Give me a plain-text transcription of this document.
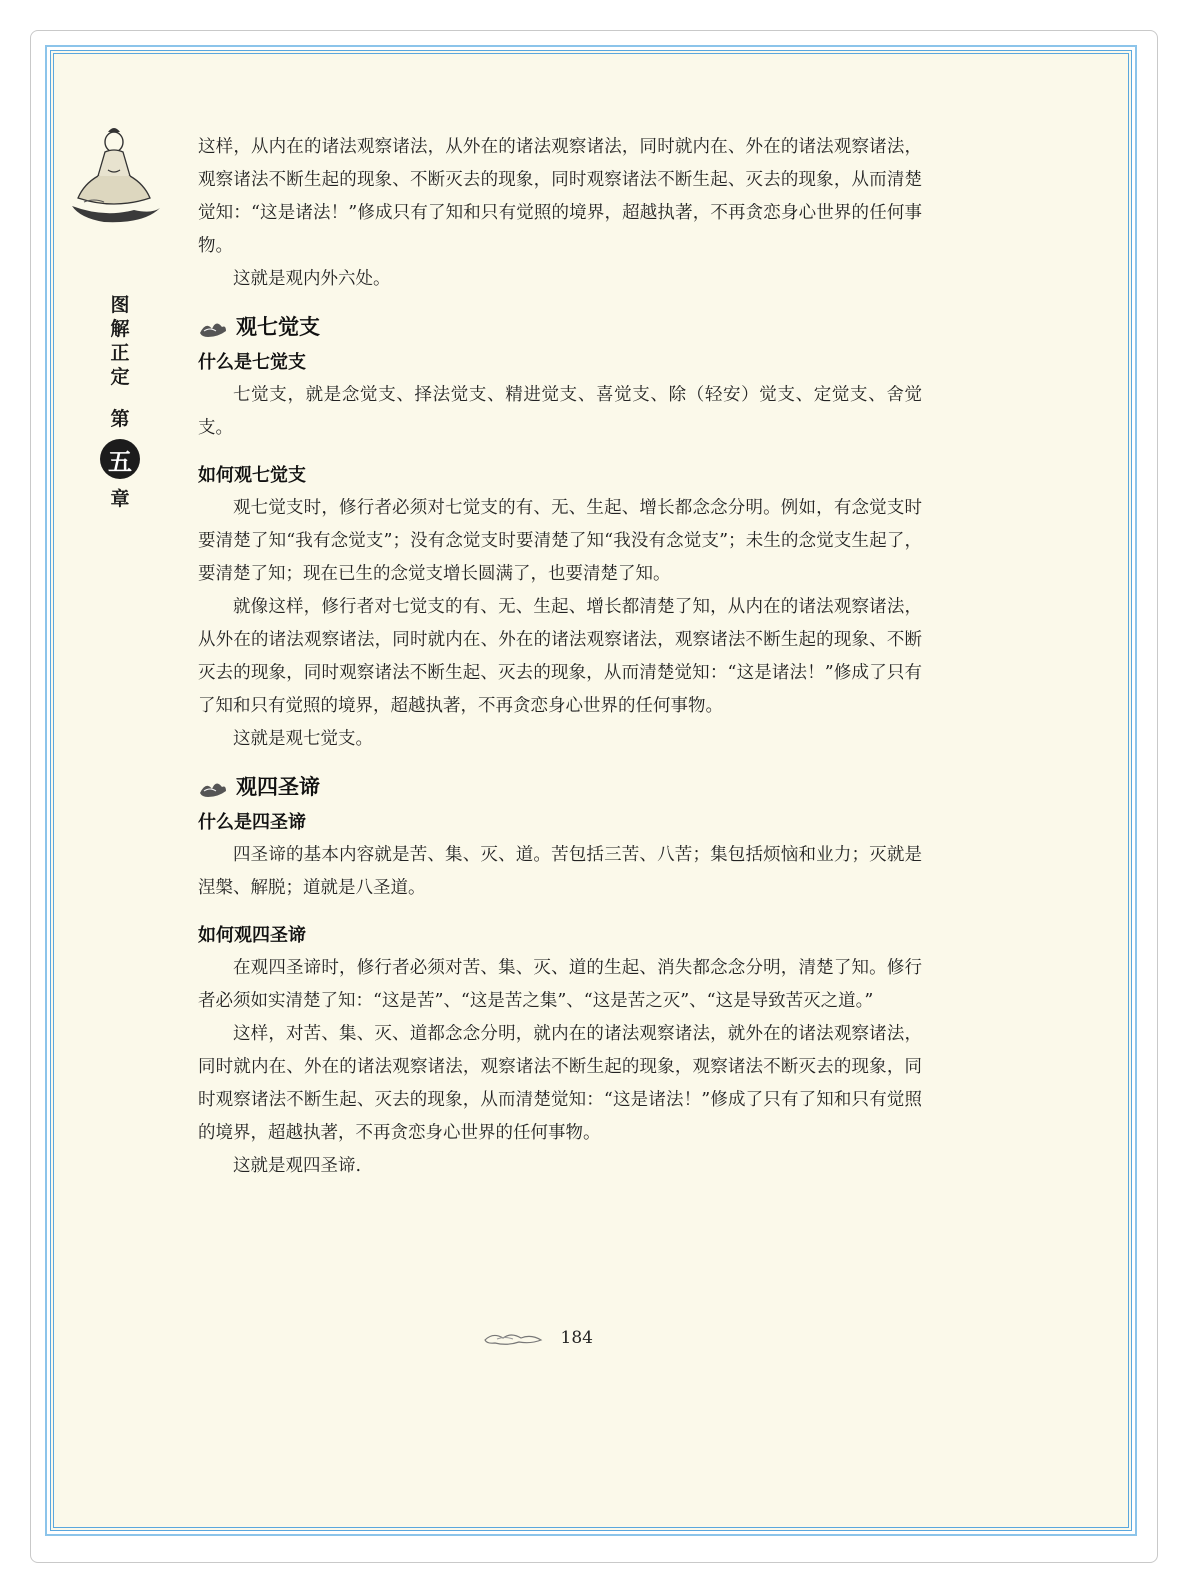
图
解
正
定
第
五
章

这样，从内在的诸法观察诸法，从外在的诸法观察诸法，同时就内在、外在的诸法观察诸法，观察诸法不断生起的现象、不断灭去的现象，同时观察诸法不断生起、灭去的现象，从而清楚觉知：“这是诸法！”修成只有了知和只有觉照的境界，超越执著，不再贪恋身心世界的任何事物。

这就是观内外六处。

观七觉支

什么是七觉支

七觉支，就是念觉支、择法觉支、精进觉支、喜觉支、除（轻安）觉支、定觉支、舍觉支。

如何观七觉支

观七觉支时，修行者必须对七觉支的有、无、生起、增长都念念分明。例如，有念觉支时要清楚了知“我有念觉支”；没有念觉支时要清楚了知“我没有念觉支”；未生的念觉支生起了，要清楚了知；现在已生的念觉支增长圆满了，也要清楚了知。

就像这样，修行者对七觉支的有、无、生起、增长都清楚了知，从内在的诸法观察诸法，从外在的诸法观察诸法，同时就内在、外在的诸法观察诸法，观察诸法不断生起的现象、不断灭去的现象，同时观察诸法不断生起、灭去的现象，从而清楚觉知：“这是诸法！”修成了只有了知和只有觉照的境界，超越执著，不再贪恋身心世界的任何事物。

这就是观七觉支。

观四圣谛

什么是四圣谛

四圣谛的基本内容就是苦、集、灭、道。苦包括三苦、八苦；集包括烦恼和业力；灭就是涅槃、解脱；道就是八圣道。

如何观四圣谛

在观四圣谛时，修行者必须对苦、集、灭、道的生起、消失都念念分明，清楚了知。修行者必须如实清楚了知：“这是苦”、“这是苦之集”、“这是苦之灭”、“这是导致苦灭之道。”

这样，对苦、集、灭、道都念念分明，就内在的诸法观察诸法，就外在的诸法观察诸法，同时就内在、外在的诸法观察诸法，观察诸法不断生起的现象，观察诸法不断灭去的现象，同时观察诸法不断生起、灭去的现象，从而清楚觉知：“这是诸法！”修成了只有了知和只有觉照的境界，超越执著，不再贪恋身心世界的任何事物。

这就是观四圣谛.

184
